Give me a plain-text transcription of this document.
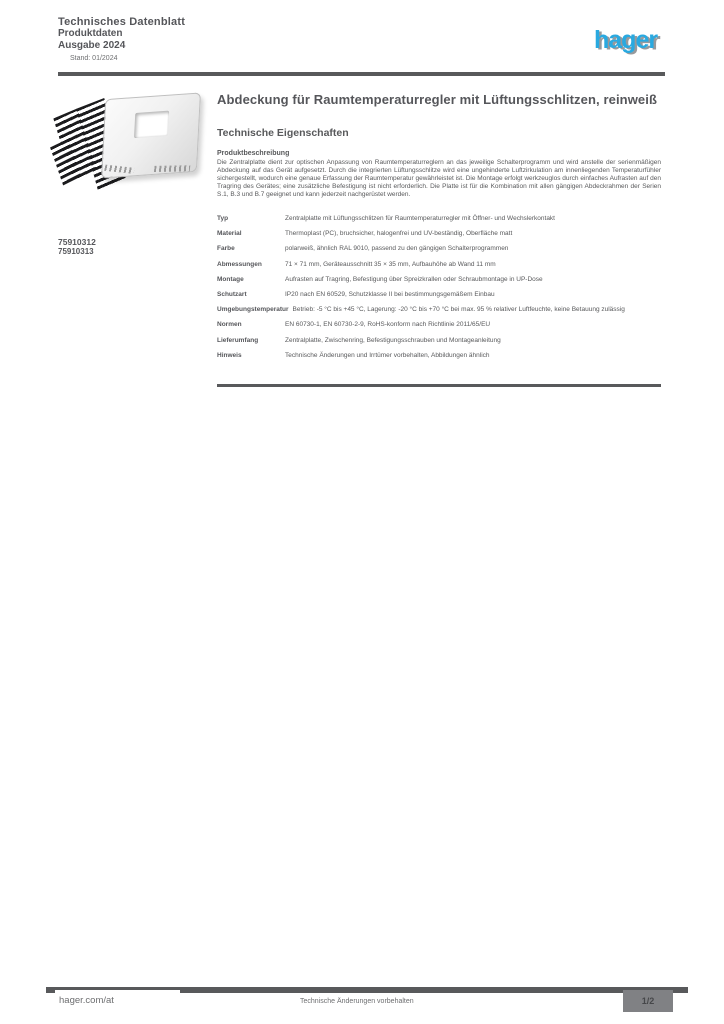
Technisches Datenblatt
Produktdaten
Ausgabe 2024
Stand: 01/2024
hager
75910312
75910313
Abdeckung für Raumtemperaturregler mit Lüftungsschlitzen, reinweiß
Technische Eigenschaften
Produktbeschreibung
Die Zentralplatte dient zur optischen Anpassung von Raumtemperaturreglern an das jeweilige Schalterprogramm und wird anstelle der serienmäßigen Abdeckung auf das Gerät aufgesetzt. Durch die integrierten Lüftungsschlitze wird eine ungehinderte Luftzirkulation am innenliegenden Temperaturfühler sichergestellt, wodurch eine genaue Erfassung der Raumtemperatur gewährleistet ist. Die Montage erfolgt werkzeuglos durch einfaches Aufrasten auf den Tragring des Gerätes; eine zusätzliche Befestigung ist nicht erforderlich. Die Platte ist für die Kombination mit allen gängigen Abdeckrahmen der Serien S.1, B.3 und B.7 geeignet und kann jederzeit nachgerüstet werden.
Typ	Zentralplatte mit Lüftungsschlitzen für Raumtemperaturregler mit Öffner- und Wechslerkontakt
Material	Thermoplast (PC), bruchsicher, halogenfrei und UV-beständig, Oberfläche matt
Farbe	polarweiß, ähnlich RAL 9010, passend zu den gängigen Schalterprogrammen
Abmessungen	71 × 71 mm, Geräteausschnitt 35 × 35 mm, Aufbauhöhe ab Wand 11 mm
Montage	Aufrasten auf Tragring, Befestigung über Spreizkrallen oder Schraubmontage in UP-Dose
Schutzart	IP20 nach EN 60529, Schutzklasse II bei bestimmungsgemäßem Einbau
Umgebungstemperatur Betrieb: -5 °C bis +45 °C, Lagerung: -20 °C bis +70 °C bei max. 95 % relativer Luftfeuchte, keine Betauung zulässig
Normen	EN 60730-1, EN 60730-2-9, RoHS-konform nach Richtlinie 2011/65/EU
Lieferumfang	Zentralplatte, Zwischenring, Befestigungsschrauben und Montageanleitung
Hinweis	Technische Änderungen und Irrtümer vorbehalten, Abbildungen ähnlich
hager.com/at	Technische Änderungen vorbehalten	1/2
